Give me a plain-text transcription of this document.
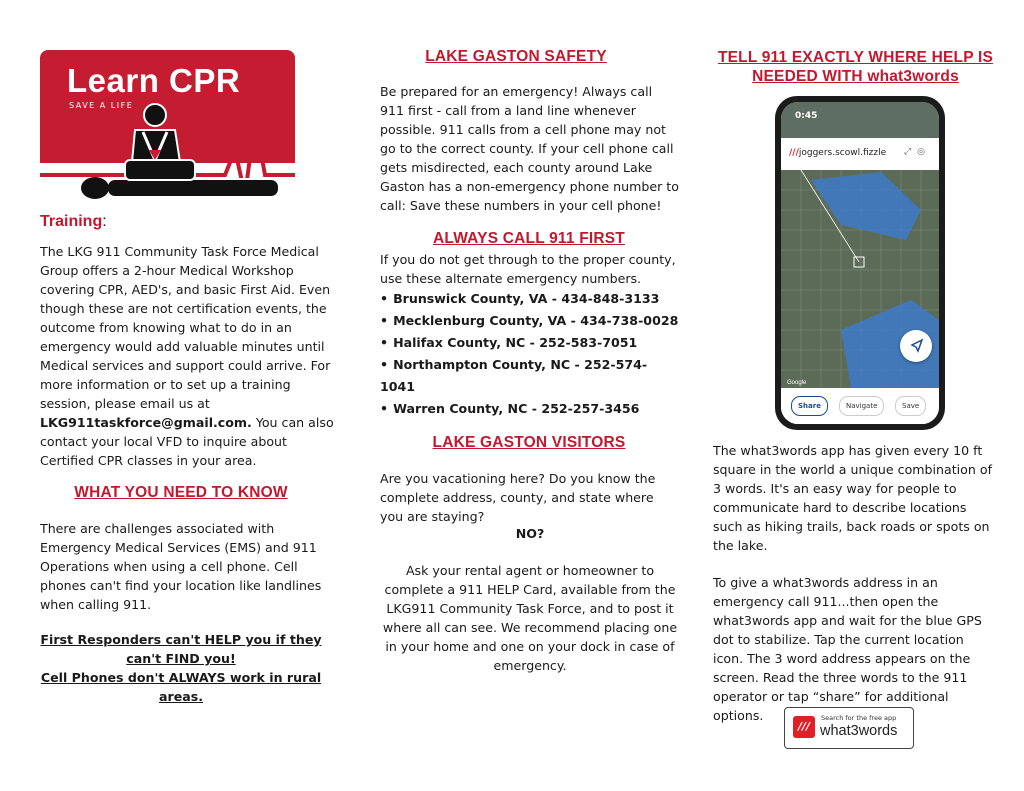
Learn CPR
SAVE A LIFE
Training:

The LKG 911 Community Task Force Medical Group offers a 2-hour Medical Workshop covering CPR, AED's, and basic First Aid. Even though these are not certification events, the outcome from knowing what to do in an emergency would add valuable minutes until Medical services and support could arrive. For more information or to set up a training session, please email us at LKG911taskforce@gmail.com. You can also contact your local VFD to inquire about Certified CPR classes in your area.

WHAT YOU NEED TO KNOW

There are challenges associated with Emergency Medical Services (EMS) and 911 Operations when using a cell phone. Cell phones can't find your location like landlines when calling 911.

First Responders can't HELP you if they can't FIND you!
Cell Phones don't ALWAYS work in rural areas.
LAKE GASTON SAFETY

Be prepared for an emergency! Always call 911 first - call from a land line whenever possible. 911 calls from a cell phone may not go to the correct county. If your cell phone call gets misdirected, each county around Lake Gaston has a non-emergency phone number to call: Save these numbers in your cell phone!

ALWAYS CALL 911 FIRST

If you do not get through to the proper county, use these alternate emergency numbers.

• Brunswick County, VA - 434-848-3133
• Mecklenburg County, VA - 434-738-0028
• Halifax County, NC - 252-583-7051
• Northampton County, NC - 252-574-1041
• Warren County, NC - 252-257-3456
LAKE GASTON VISITORS

Are you vacationing here? Do you know the complete address, county, and state where you are staying?

NO?

Ask your rental agent or homeowner to complete a 911 HELP Card, available from the LKG911 Community Task Force, and to post it where all can see. We recommend placing one in your home and one on your dock in case of emergency.

TELL 911 EXACTLY WHERE HELP IS NEEDED WITH what3words
0:45
///joggers.scowl.fizzle ⤢◎
Google
Share	Navigate	Save

The what3words app has given every 10 ft square in the world a unique combination of 3 words. It's an easy way for people to communicate hard to describe locations such as hiking trails, back roads or spots on the lake.

To give a what3words address in an emergency call 911...then open the what3words app and wait for the blue GPS dot to stabilize. Tap the current location icon. The 3 word address appears on the screen. Read the three words to the 911 operator or tap “share” for additional options.

///
Search for the free app
what3words
